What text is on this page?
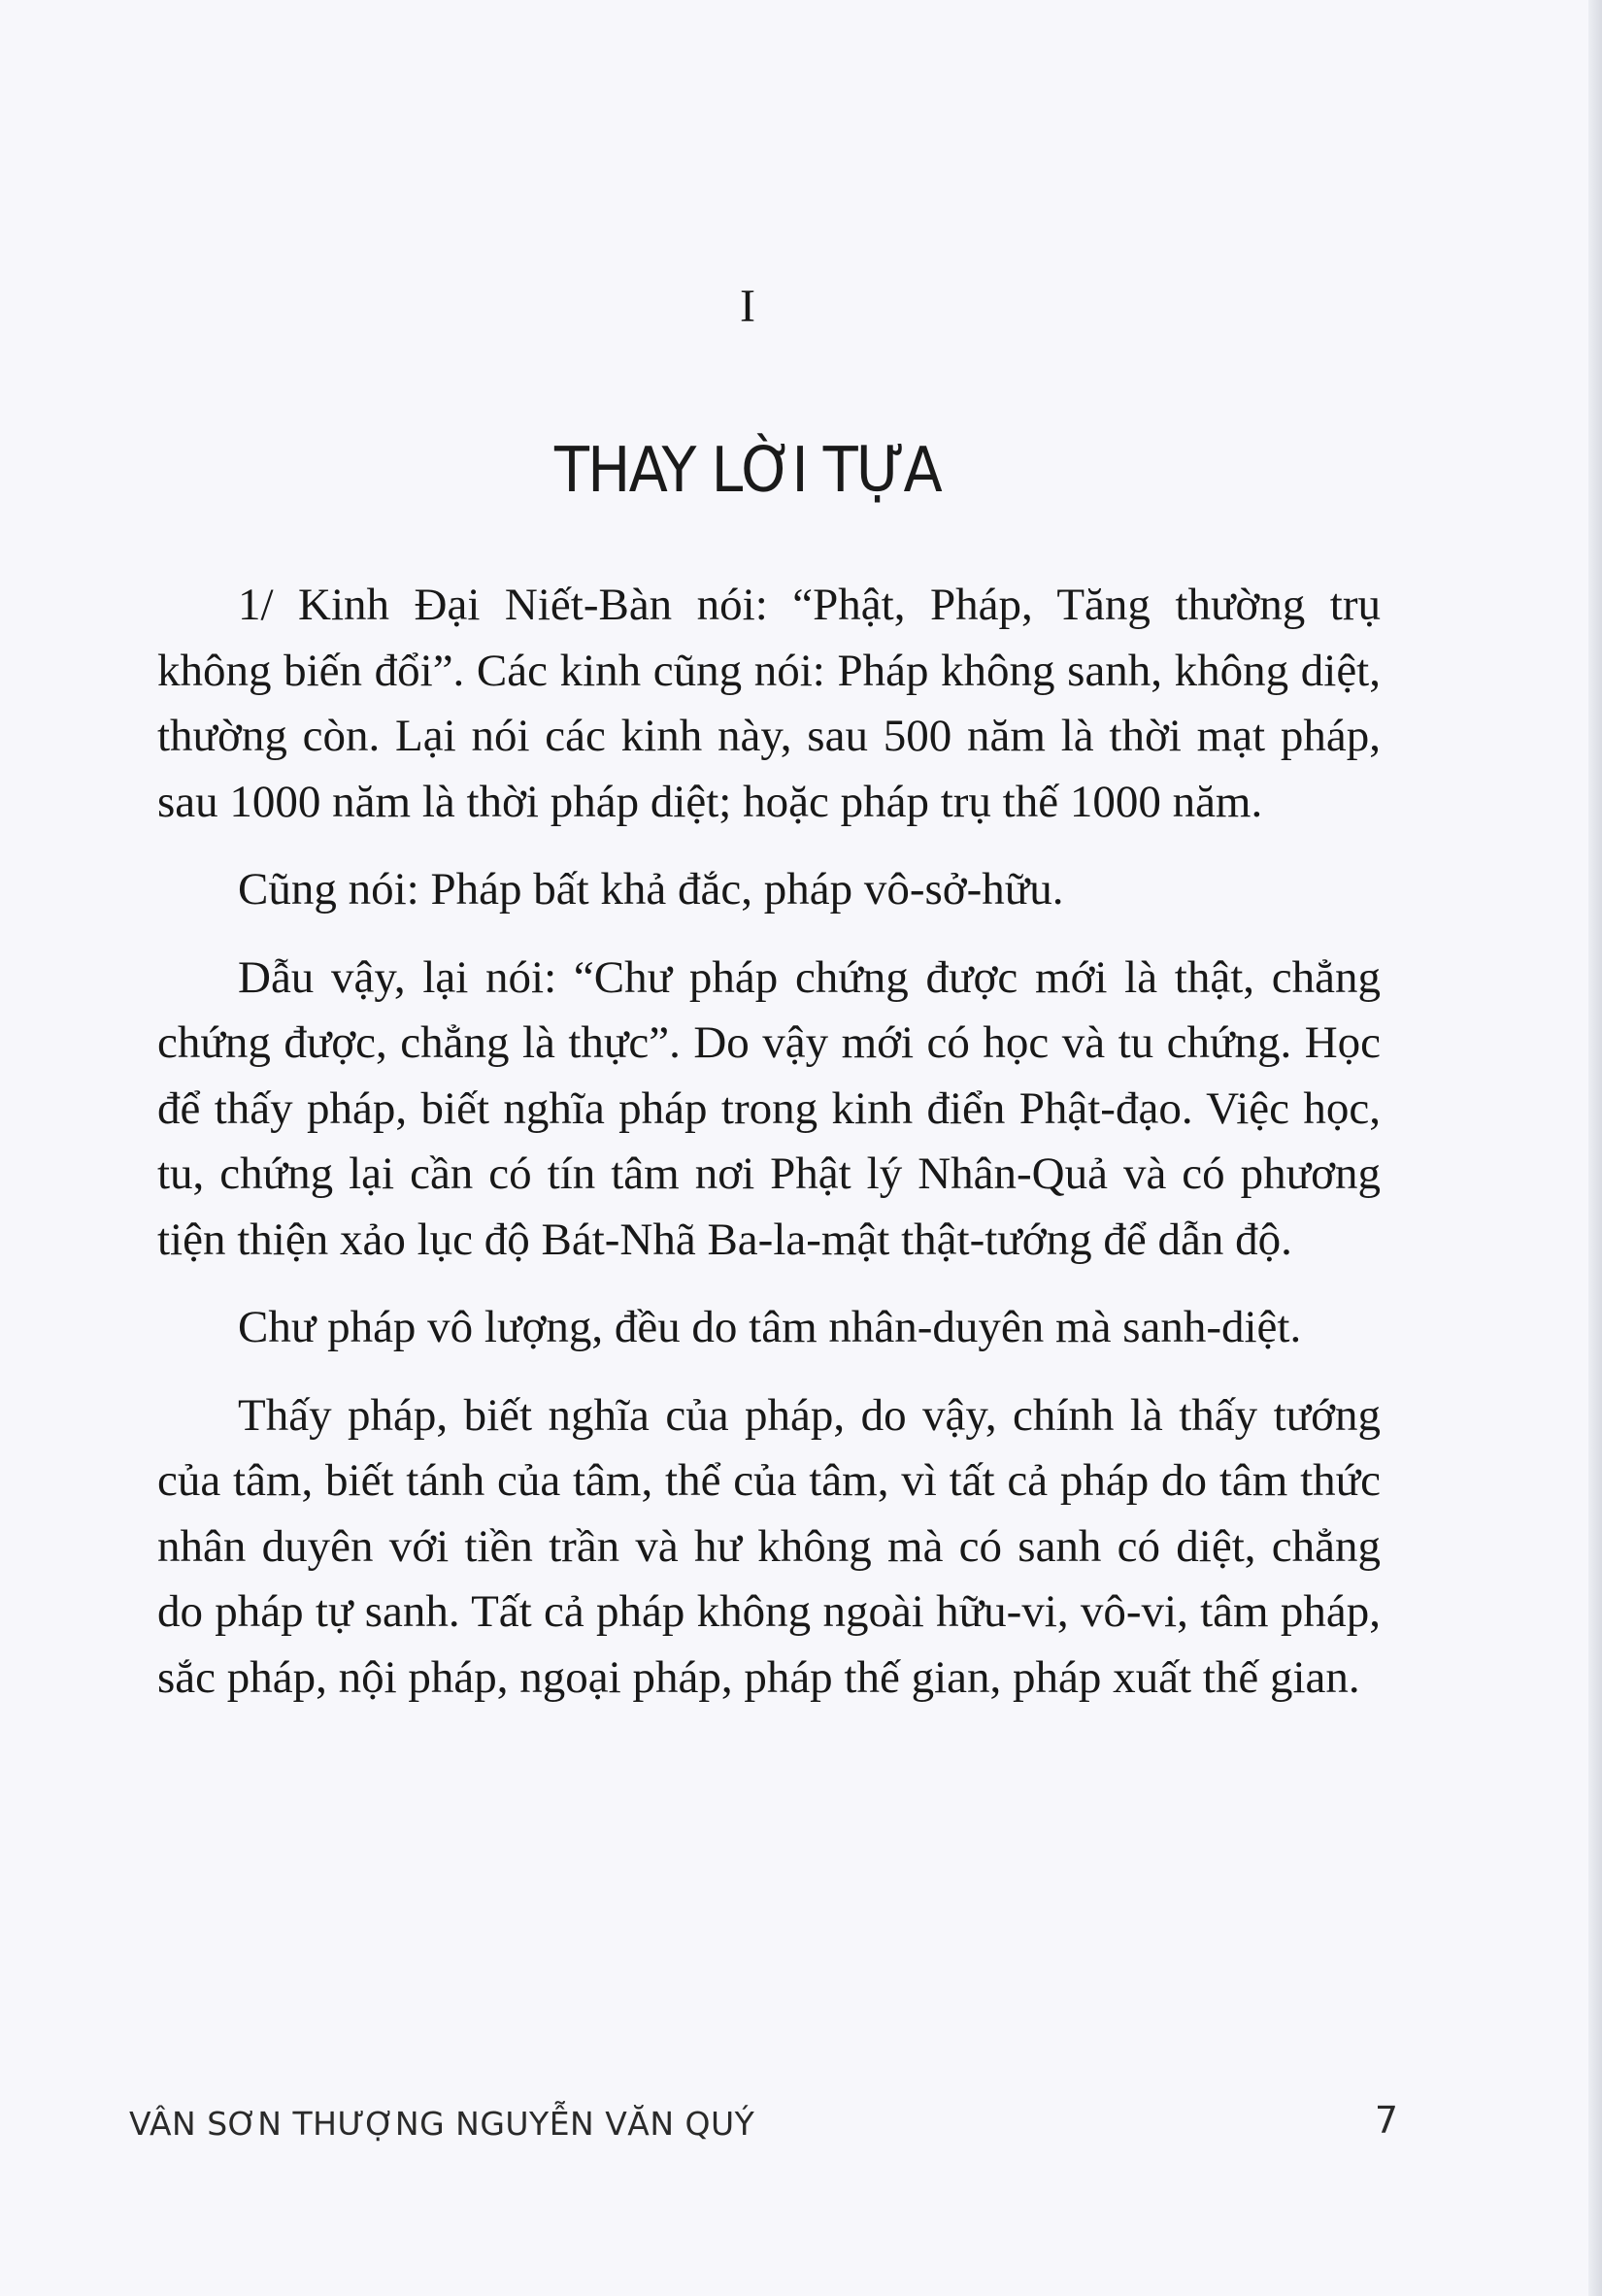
I
THAY LỜI TỰA

1/ Kinh Đại Niết-Bàn nói: “Phật, Pháp, Tăng thường trụ không biến đổi”. Các kinh cũng nói: Pháp không sanh, không diệt, thường còn. Lại nói các kinh này, sau 500 năm là thời mạt pháp, sau 1000 năm là thời pháp diệt; hoặc pháp trụ thế 1000 năm.

Cũng nói: Pháp bất khả đắc, pháp vô-sở-hữu.

Dẫu vậy, lại nói: “Chư pháp chứng được mới là thật, chẳng chứng được, chẳng là thực”. Do vậy mới có học và tu chứng. Học để thấy pháp, biết nghĩa pháp trong kinh điển Phật-đạo. Việc học, tu, chứng lại cần có tín tâm nơi Phật lý Nhân-Quả và có phương tiện thiện xảo lục độ Bát-Nhã Ba-la-mật thật-tướng để dẫn độ.

Chư pháp vô lượng, đều do tâm nhân-duyên mà sanh-diệt.

Thấy pháp, biết nghĩa của pháp, do vậy, chính là thấy tướng của tâm, biết tánh của tâm, thể của tâm, vì tất cả pháp do tâm thức nhân duyên với tiền trần và hư không mà có sanh có diệt, chẳng do pháp tự sanh. Tất cả pháp không ngoài hữu-vi, vô-vi, tâm pháp, sắc pháp, nội pháp, ngoại pháp, pháp thế gian, pháp xuất thế gian.

VÂN SƠN THƯỢNG NGUYỄN VĂN QUÝ	7
